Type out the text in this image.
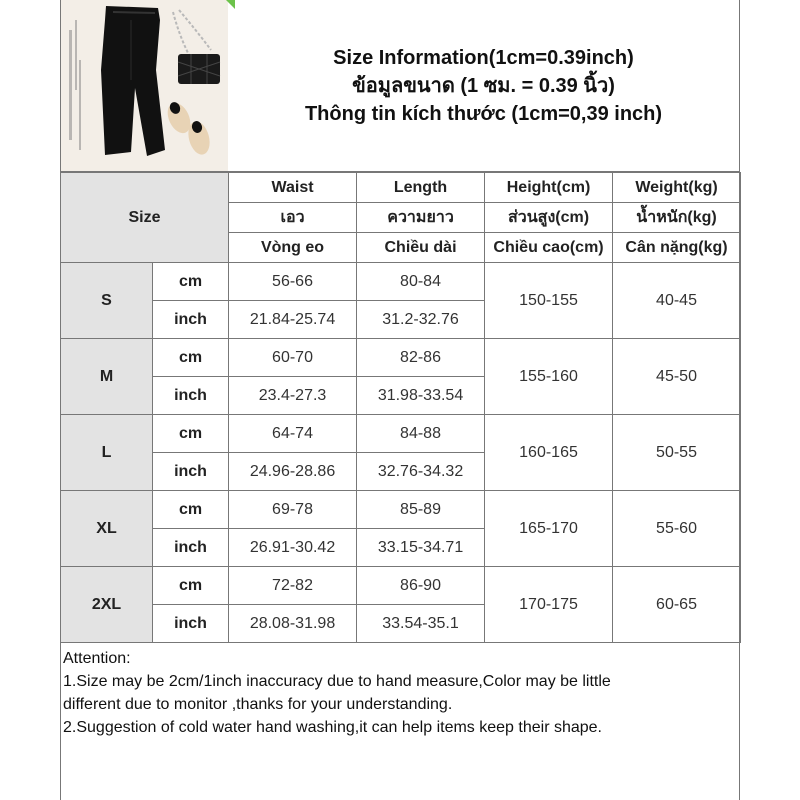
Size Information(1cm=0.39inch)
ข้อมูลขนาด (1 ซม. = 0.39 นิ้ว)
Thông tin kích thước (1cm=0,39 inch)
Size		Waist	Length	Height(cm)	Weight(kg)
		เอว	ความยาว	ส่วนสูง(cm)	น้ำหนัก(kg)
		Vòng eo	Chiều dài	Chiều cao(cm)	Cân nặng(kg)
S	cm	56-66	80-84	150-155	40-45
	inch	21.84-25.74	31.2-32.76		
M	cm	60-70	82-86	155-160	45-50
	inch	23.4-27.3	31.98-33.54		
L	cm	64-74	84-88	160-165	50-55
	inch	24.96-28.86	32.76-34.32		
XL	cm	69-78	85-89	165-170	55-60
	inch	26.91-30.42	33.15-34.71		
2XL	cm	72-82	86-90	170-175	60-65
	inch	28.08-31.98	33.54-35.1		

Attention:

1.Size may be 2cm/1inch inaccuracy due to hand measure,Color may be little

different due to monitor ,thanks for your understanding.

2.Suggestion of cold water hand washing,it can help items keep their shape.
